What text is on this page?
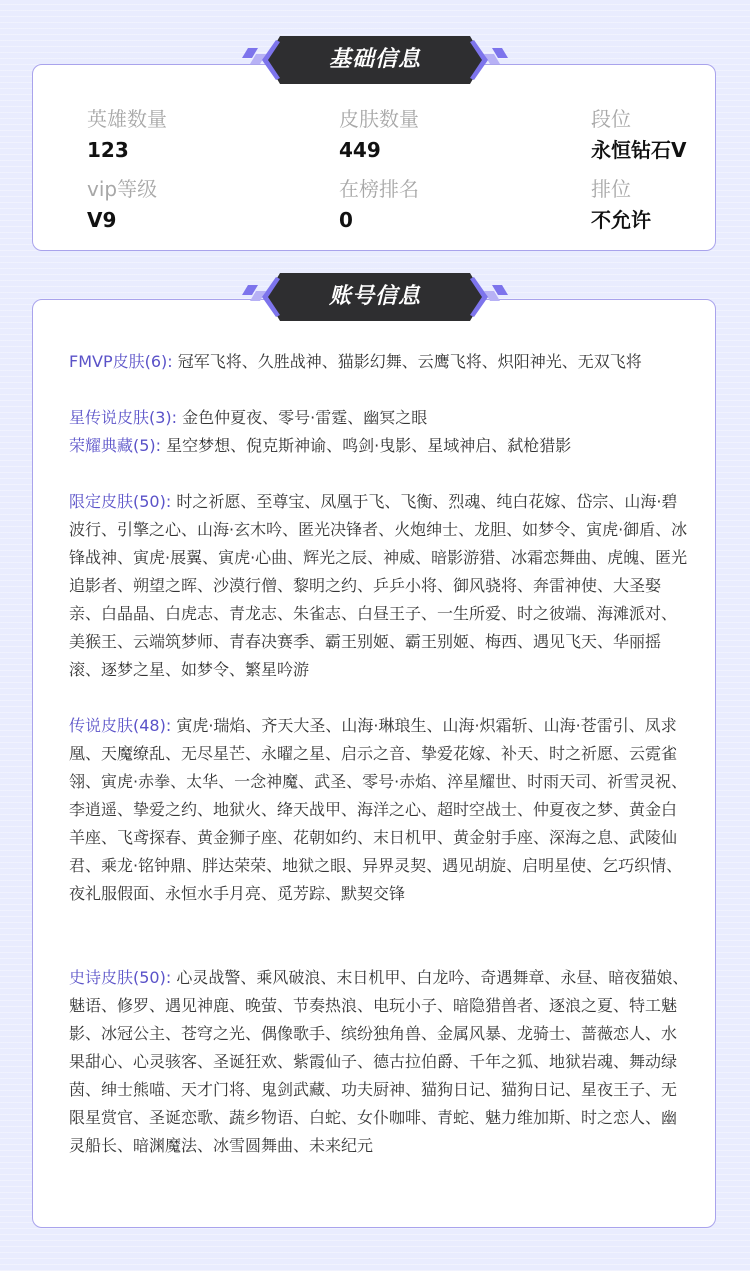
英雄数量
123
皮肤数量
449
段位
永恒钻石V
vip等级
V9
在榜排名
0
排位
不允许
FMVP皮肤(6): 冠军飞将、久胜战神、猫影幻舞、云鹰飞将、炽阳神光、无双飞将
星传说皮肤(3): 金色仲夏夜、零号·雷霆、幽冥之眼
荣耀典藏(5): 星空梦想、倪克斯神谕、鸣剑·曳影、星域神启、弑枪猎影
限定皮肤(50): 时之祈愿、至尊宝、凤凰于飞、飞衡、烈魂、纯白花嫁、岱宗、山海·碧波行、引擎之心、山海·玄木吟、匿光决锋者、火炮绅士、龙胆、如梦令、寅虎·御盾、冰锋战神、寅虎·展翼、寅虎·心曲、辉光之辰、神威、暗影游猎、冰霜恋舞曲、虎魄、匿光追影者、朔望之晖、沙漠行僧、黎明之约、乒乒小将、御风骁将、奔雷神使、大圣娶亲、白晶晶、白虎志、青龙志、朱雀志、白昼王子、一生所爱、时之彼端、海滩派对、美猴王、云端筑梦师、青春决赛季、霸王别姬、霸王别姬、梅西、遇见飞天、华丽摇滚、逐梦之星、如梦令、繁星吟游
传说皮肤(48): 寅虎·瑞焰、齐天大圣、山海·琳琅生、山海·炽霜斩、山海·苍雷引、凤求凰、天魔缭乱、无尽星芒、永曜之星、启示之音、挚爱花嫁、补天、时之祈愿、云霓雀翎、寅虎·赤拳、太华、一念神魔、武圣、零号·赤焰、淬星耀世、时雨天司、祈雪灵祝、李逍遥、挚爱之约、地狱火、绛天战甲、海洋之心、超时空战士、仲夏夜之梦、黄金白羊座、飞鸢探春、黄金狮子座、花朝如约、末日机甲、黄金射手座、深海之息、武陵仙君、乘龙·铭钟鼎、胖达荣荣、地狱之眼、异界灵契、遇见胡旋、启明星使、乞巧织情、夜礼服假面、永恒水手月亮、觅芳踪、默契交锋
史诗皮肤(50): 心灵战警、乘风破浪、末日机甲、白龙吟、奇遇舞章、永昼、暗夜猫娘、魅语、修罗、遇见神鹿、晚萤、节奏热浪、电玩小子、暗隐猎兽者、逐浪之夏、特工魅影、冰冠公主、苍穹之光、偶像歌手、缤纷独角兽、金属风暴、龙骑士、蔷薇恋人、水果甜心、心灵骇客、圣诞狂欢、紫霞仙子、德古拉伯爵、千年之狐、地狱岩魂、舞动绿茵、绅士熊喵、天才门将、鬼剑武藏、功夫厨神、猫狗日记、猫狗日记、星夜王子、无限星赏官、圣诞恋歌、蔬乡物语、白蛇、女仆咖啡、青蛇、魅力维加斯、时之恋人、幽灵船长、暗渊魔法、冰雪圆舞曲、未来纪元
基础信息
账号信息
